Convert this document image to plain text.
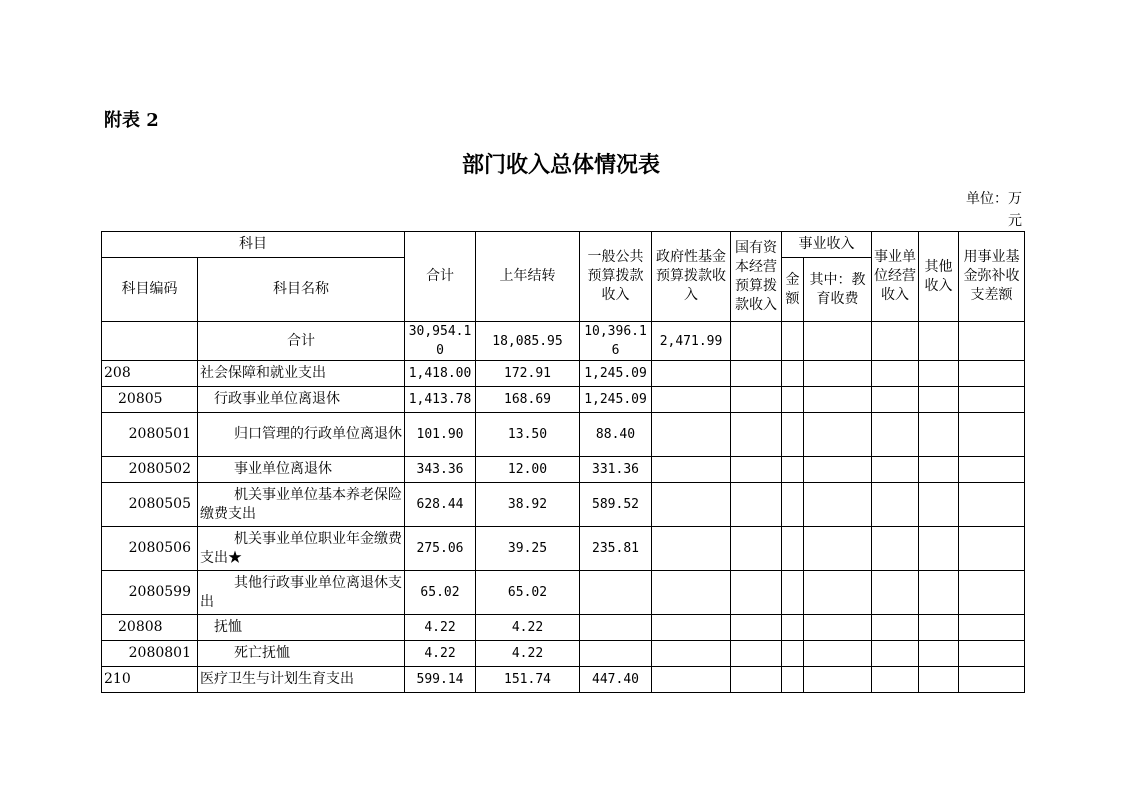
附表 2
部门收入总体情况表
单位：万元
科目		合计	上年结转	一般公共预算拨款收入	政府性基金预算拨款收入	国有资本经营预算拨款收入	事业收入		事业单位经营收入	其他收入	用事业基金弥补收支差额
科目编码	科目名称						金额	其中：教育收费			

	合计	30,954.10	18,085.95	10,396.16	2,471.99						
208	社会保障和就业支出	1,418.00	172.91	1,245.09							
20805	行政事业单位离退休	1,413.78	168.69	1,245.09							
2080501	归口管理的行政单位离退休	101.90	13.50	88.40							
2080502	事业单位离退休	343.36	12.00	331.36							
2080505	机关事业单位基本养老保险缴费支出	628.44	38.92	589.52							
2080506	机关事业单位职业年金缴费支出★	275.06	39.25	235.81							
2080599	其他行政事业单位离退休支出	65.02	65.02								
20808	抚恤	4.22	4.22								
2080801	死亡抚恤	4.22	4.22								
210	医疗卫生与计划生育支出	599.14	151.74	447.40							
